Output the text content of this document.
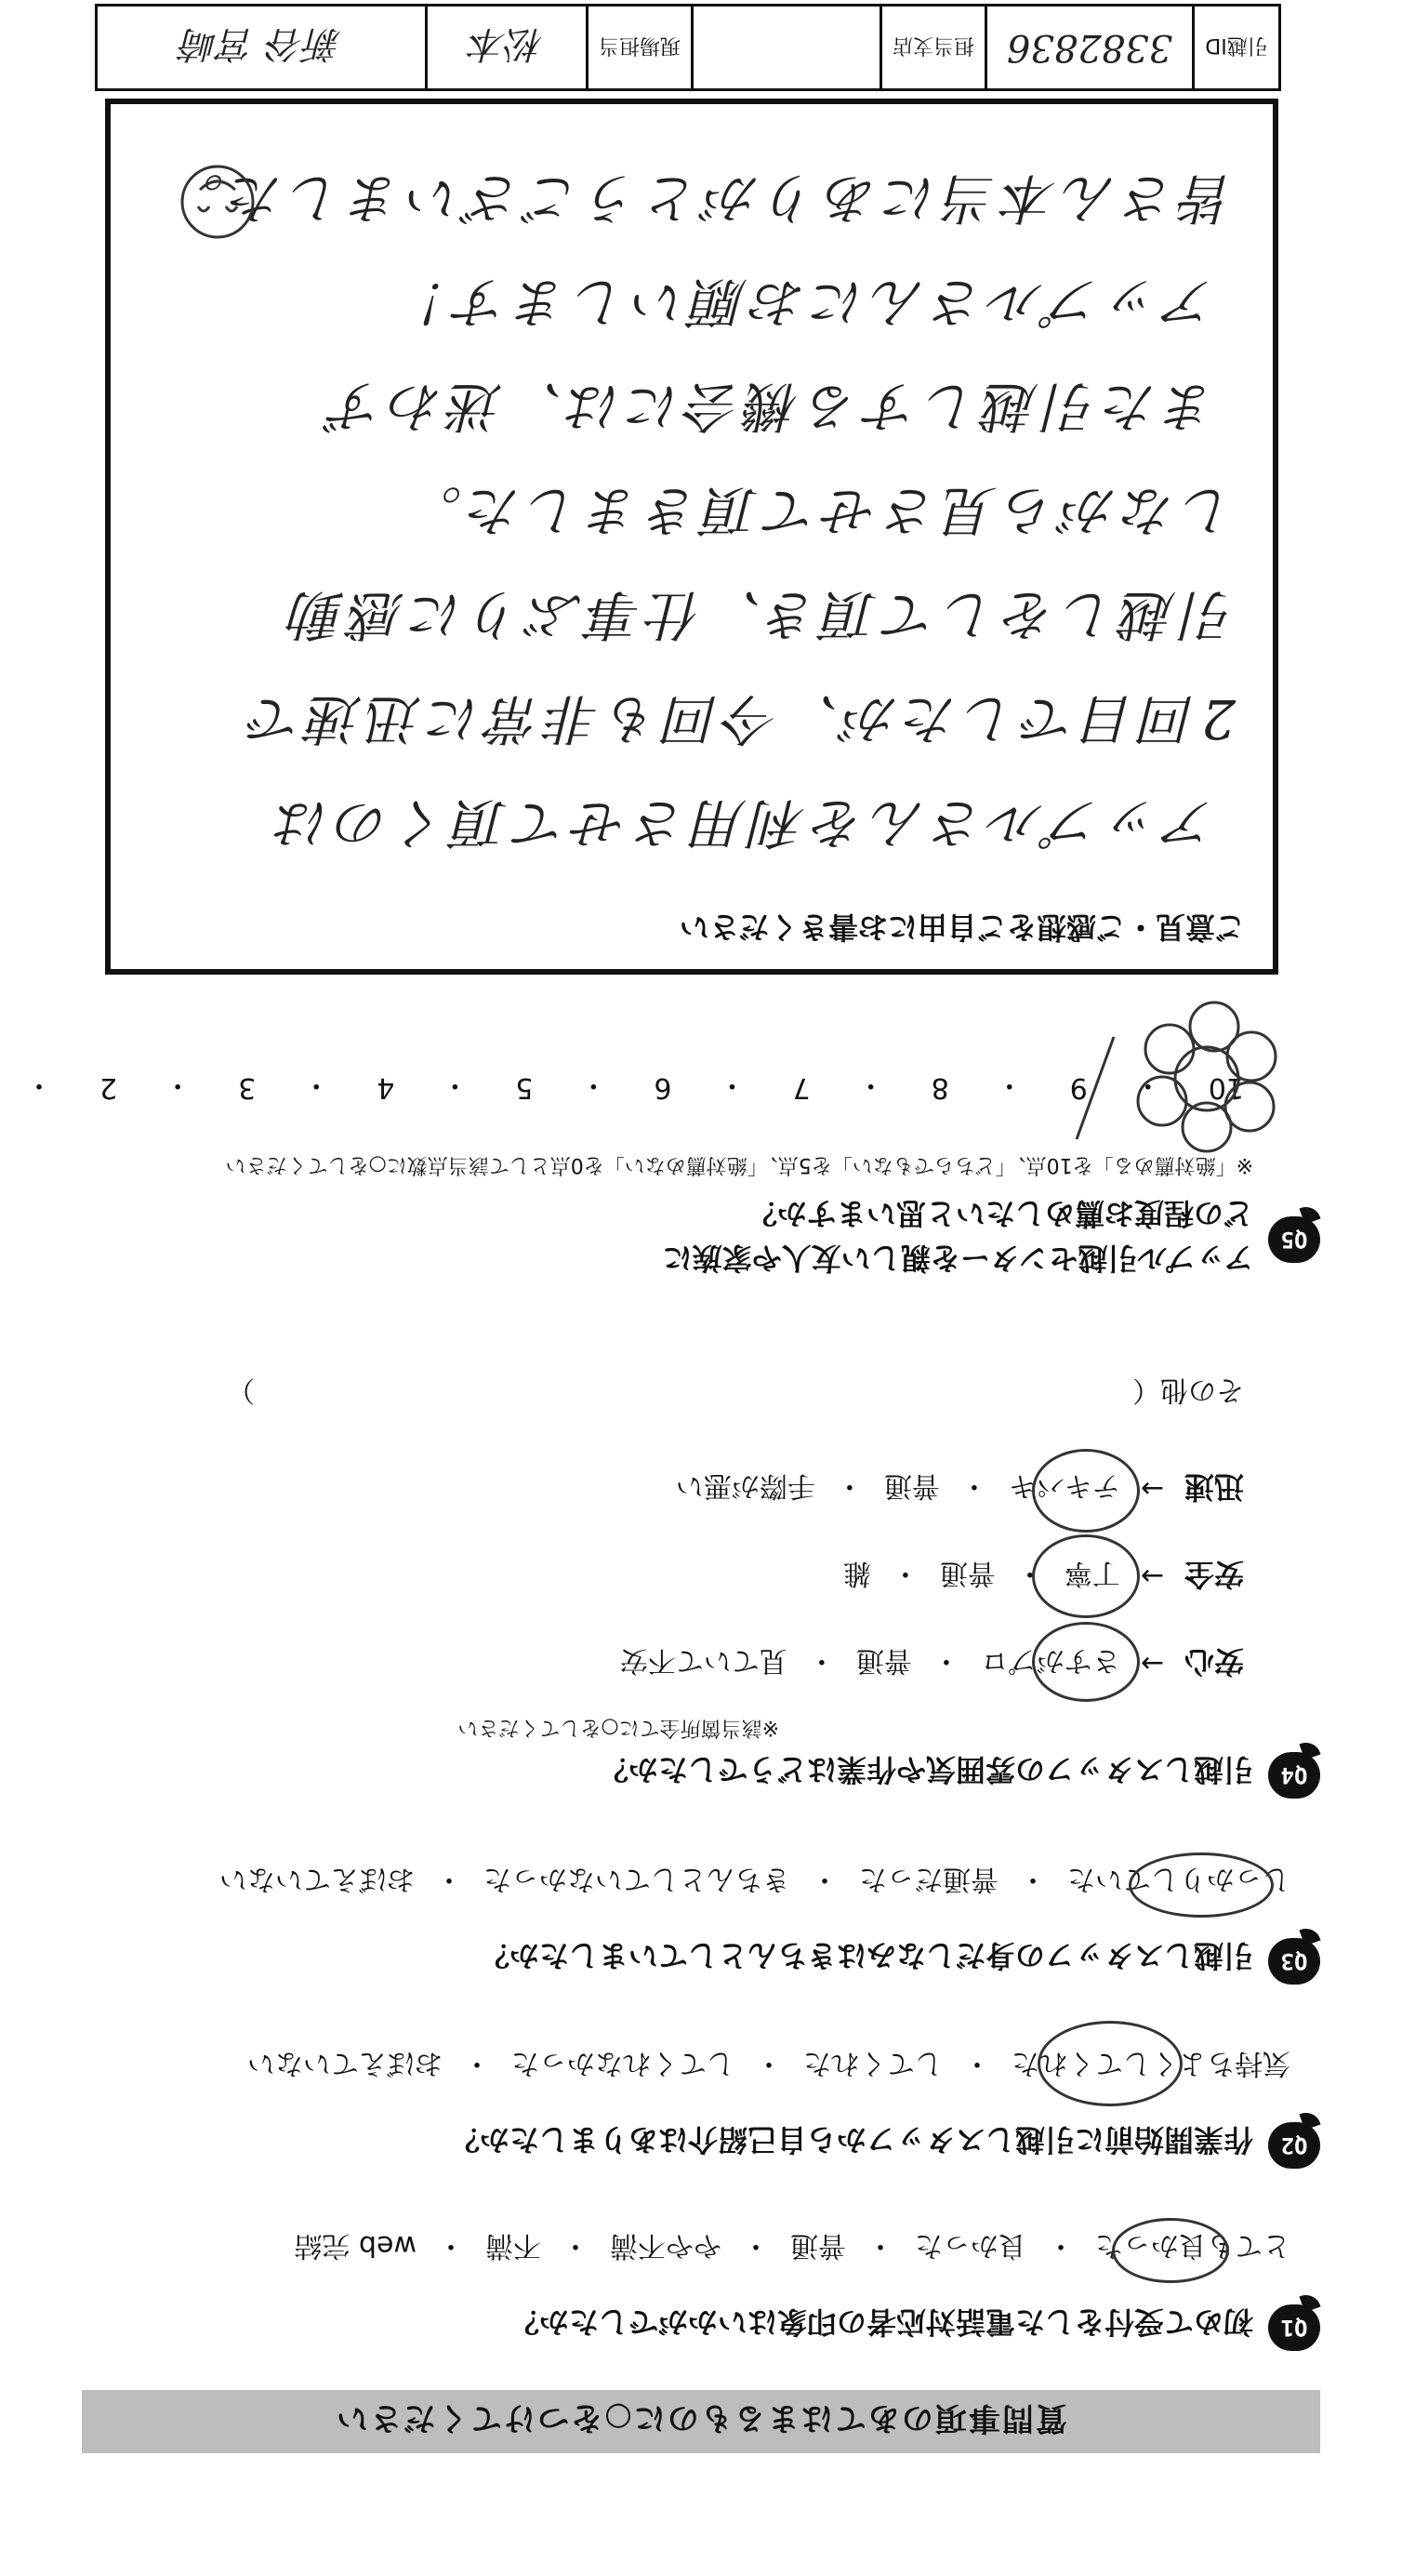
質問事項のあてはまるものに○をつけてください
Q1
初めて受付をした電話対応者の印象はいかがでしたか？
とても良かった
・
良かった
・
普通
・
やや不満
・
不満
・
web 完結
Q2
作業開始前に引越しスタッフから自己紹介はありましたか？
気持ちよくしてくれた
・
してくれた
・
してくれなかった
・
おぼえていない
Q3
引越しスタッフの身だしなみはきちんとしていましたか？
しっかりしていた
・
普通だった
・
きちんとしていなかった
・
おぼえていない
Q4
引越しスタッフの雰囲気や作業はどうでしたか？
※該当箇所全てに○をしてください
安心
→
さすがプロ
・
普通
・
見ていて不安
安全
→
丁寧
・
普通
・
雑
迅速
→
テキパキ
・
普通
・
手際が悪い
その他（
）
Q5
アップル引越センターを親しい友人や家族に
どの程度お薦めしたいと思いますか？
※「絶対薦める」を10点、「どちらでもない」を5点、「絶対薦めない」を0点として該当点数に○をしてください
10
・
9
・
8
・
7
・
6
・
5
・
4
・
3
・
2
・
ご意見・ご感想をご自由にお書きください
アップルさんを利用させて頂くのは
2回目でしたが、今回も非常に迅速で
引越しをして頂き、仕事ぶりに感動
しながら見させて頂きました。
また引越しする機会には、迷わず
アップルさんにお願いします！
皆さん本当にありがとうございました。
引越ID
3382836
担当支店
現場担当
松本
新谷 宮崎
